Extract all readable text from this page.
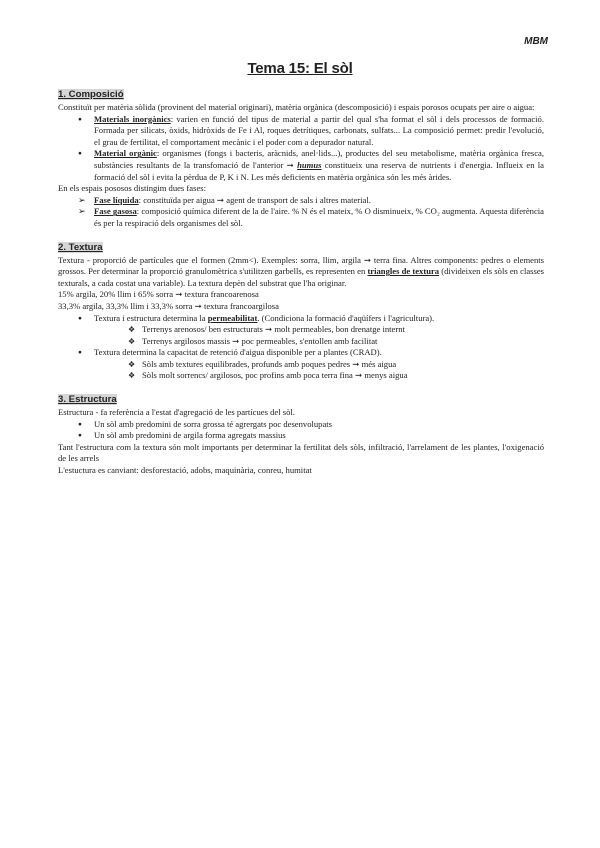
MBM
Tema 15: El sòl
1. Composició

Constituït per matèria sòlida (provinent del material originari), matèria orgànica (descomposició) i espais porosos ocupats per aire o aigua:

● Materials inorgànics: varien en funció del tipus de material a partir del qual s'ha format el sòl i dels processos de formació. Formada per silicats, òxids, hidròxids de Fe i Al, roques detrítiques, carbonats, sulfats... La composició permet: predir l'evolució, el grau de fertilitat, el comportament mecànic i el poder com a depurador natural.
● Material orgànic: organismes (fongs i bacteris, aràcnids, anel·lids...), productes del seu metabolisme, matèria orgànica fresca, substàncies resultants de la transfomació de l'anterior ➞ humus constitueix una reserva de nutrients i d'energia. Influeix en la formació del sòl i evita la pèrdua de P, K i N. Les més deficients en matèria orgànica són les més àrides.

En els espais pososos distingim dues fases:

➢ Fase líquida: constituïda per aigua ➞ agent de transport de sals i altres material.
➢ Fase gasosa: composició química diferent de la de l'aire. % N és el mateix, % O disminueix, % CO₂ augmenta. Aquesta diferència és per la respiració dels organismes del sòl.
2. Textura

Textura - proporció de partícules que el formen (2mm<). Exemples: sorra, llim, argila ➞ terra fina. Altres components: pedres o elements grossos. Per determinar la proporció granulomètrica s'utilitzen garbells, es representen en triangles de textura (divideixen els sòls en classes texturals, a cada costat una variable). La textura depèn del substrat que l'ha originar.

15% argila, 20% llim i 65% sorra ➞ textura francoarenosa

33,3% argila, 33,3% llim i 33,3% sorra ➞ textura francoargilosa

● Textura i estructura determina la permeabilitat. (Condiciona la formació d'aqüífers i l'agricultura).
❖ Terrenys arenosos/ ben estructurats ➞ molt permeables, bon drenatge internt
❖ Terrenys argilosos massis ➞ poc permeables, s'entollen amb facilitat
● Textura determina la capacitat de retenció d'aigua disponible per a plantes (CRAD).
❖ Sòls amb textures equilibrades, profunds amb poques pedres ➞ més aigua
❖ Sòls molt sorrencs/ argilosos, poc profins amb poca terra fina ➞ menys aigua
3. Estructura

Estructura - fa referència a l'estat d'agregació de les partícues del sòl.

● Un sòl amb predomini de sorra grossa té agrergats poc desenvolupats
● Un sòl amb predomini de argila forma agregats massius

Tant l'estructura com la textura són molt importants per determinar la fertilitat dels sòls, infiltració, l'arrelament de les plantes, l'oxigenació de les arrels

L'estuctura es canviant: desforestació, adobs, maquinària, conreu, humitat
